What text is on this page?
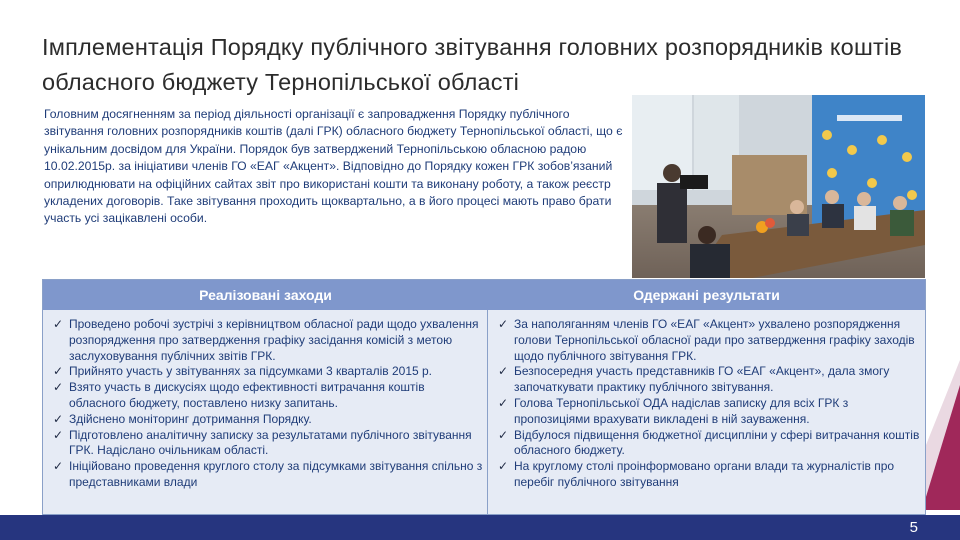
Імплементація Порядку публічного звітування головних розпорядників коштів обласного бюджету Тернопільської області
Головним досягненням за період діяльності організації є запровадження Порядку публічного звітування головних розпорядників коштів (далі ГРК) обласного бюджету Тернопільської області, що є унікальним досвідом для України. Порядок був затверджений Тернопільською обласною радою 10.02.2015р. за ініціативи членів ГО «ЕАГ «Акцент». Відповідно до Порядку кожен ГРК зобов’язаний оприлюднювати на офіційних сайтах звіт про використані кошти та виконану роботу, а також реєстр укладених договорів. Таке звітування проходить щоквартально, а в його процесі мають право брати участь усі зацікавлені особи.
Реалізовані заходи	Одержані результати
✓ Проведено робочі зустрічі з керівництвом обласної ради щодо ухвалення розпорядження про затвердження графіку засідання комісій з метою заслуховування публічних звітів ГРК.
✓ Прийнято участь у звітуваннях за підсумками 3 кварталів 2015 р.
✓ Взято участь в дискусіях щодо ефективності витрачання коштів обласного бюджету, поставлено низку запитань.
✓ Здійснено моніторинг дотримання Порядку.
✓ Підготовлено аналітичну записку за результатами публічного звітування ГРК. Надіслано очільникам області.
✓ Ініційовано проведення круглого столу за підсумками звітування спільно з представниками влади
✓ За наполяганням членів ГО «ЕАГ «Акцент» ухвалено розпорядження голови Тернопільської обласної ради про затвердження графіку заходів щодо публічного звітування ГРК.
✓ Безпосередня участь представників ГО «ЕАГ «Акцент», дала змогу започаткувати практику публічного звітування.
✓ Голова Тернопільської ОДА надіслав записку для всіх ГРК з пропозиціями врахувати викладені в ній зауваження.
✓ Відбулося підвищення бюджетної дисципліни у сфері витрачання коштів обласного бюджету.
✓ На круглому столі проінформовано органи влади та журналістів про перебіг публічного звітування
5
